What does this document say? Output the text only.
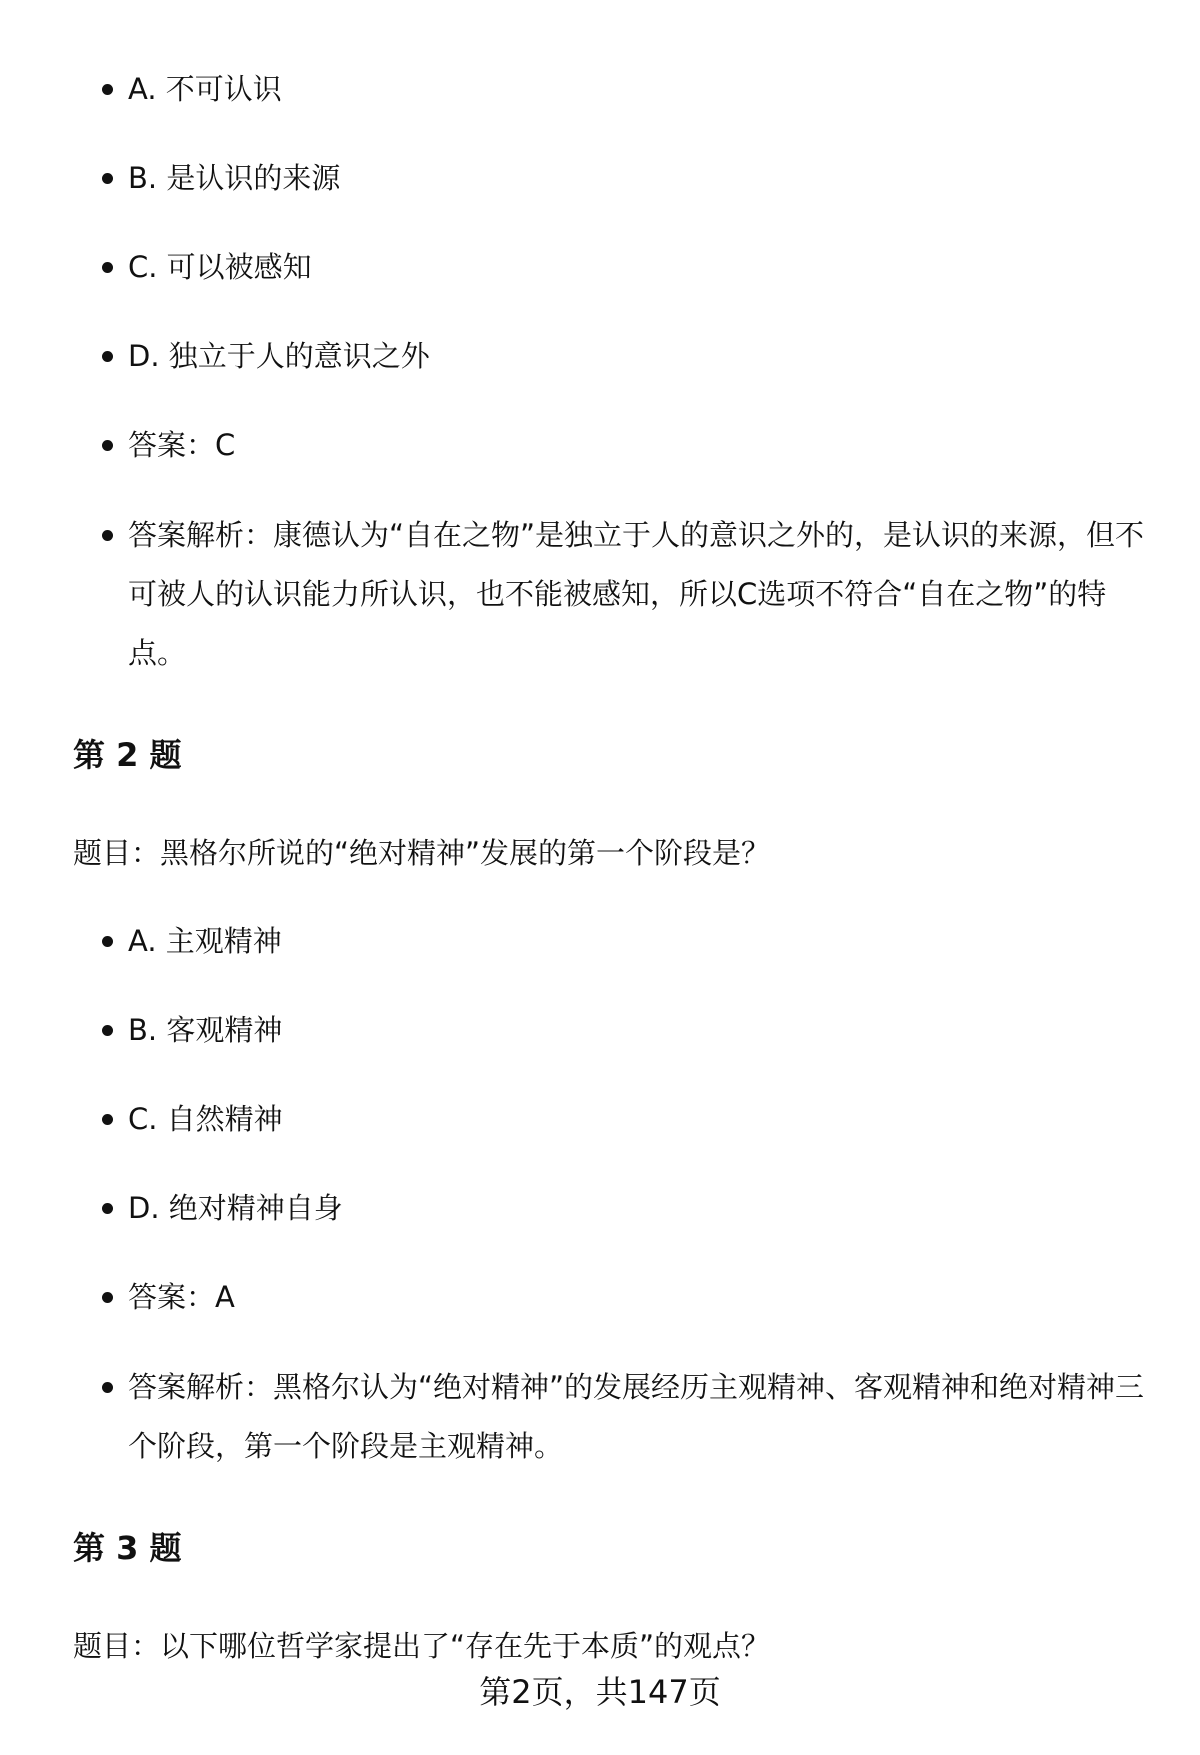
A. 不可认识
B. 是认识的来源
C. 可以被感知
D. 独立于人的意识之外
答案：C
答案解析：康德认为“自在之物”是独立于人的意识之外的，是认识的来源，但不可被人的认识能力所认识，也不能被感知，所以C选项不符合“自在之物”的特点。
第 2 题

题目：黑格尔所说的“绝对精神”发展的第一个阶段是？

A. 主观精神
B. 客观精神
C. 自然精神
D. 绝对精神自身
答案：A
答案解析：黑格尔认为“绝对精神”的发展经历主观精神、客观精神和绝对精神三个阶段，第一个阶段是主观精神。
第 3 题

题目：以下哪位哲学家提出了“存在先于本质”的观点？

第2页，共147页
